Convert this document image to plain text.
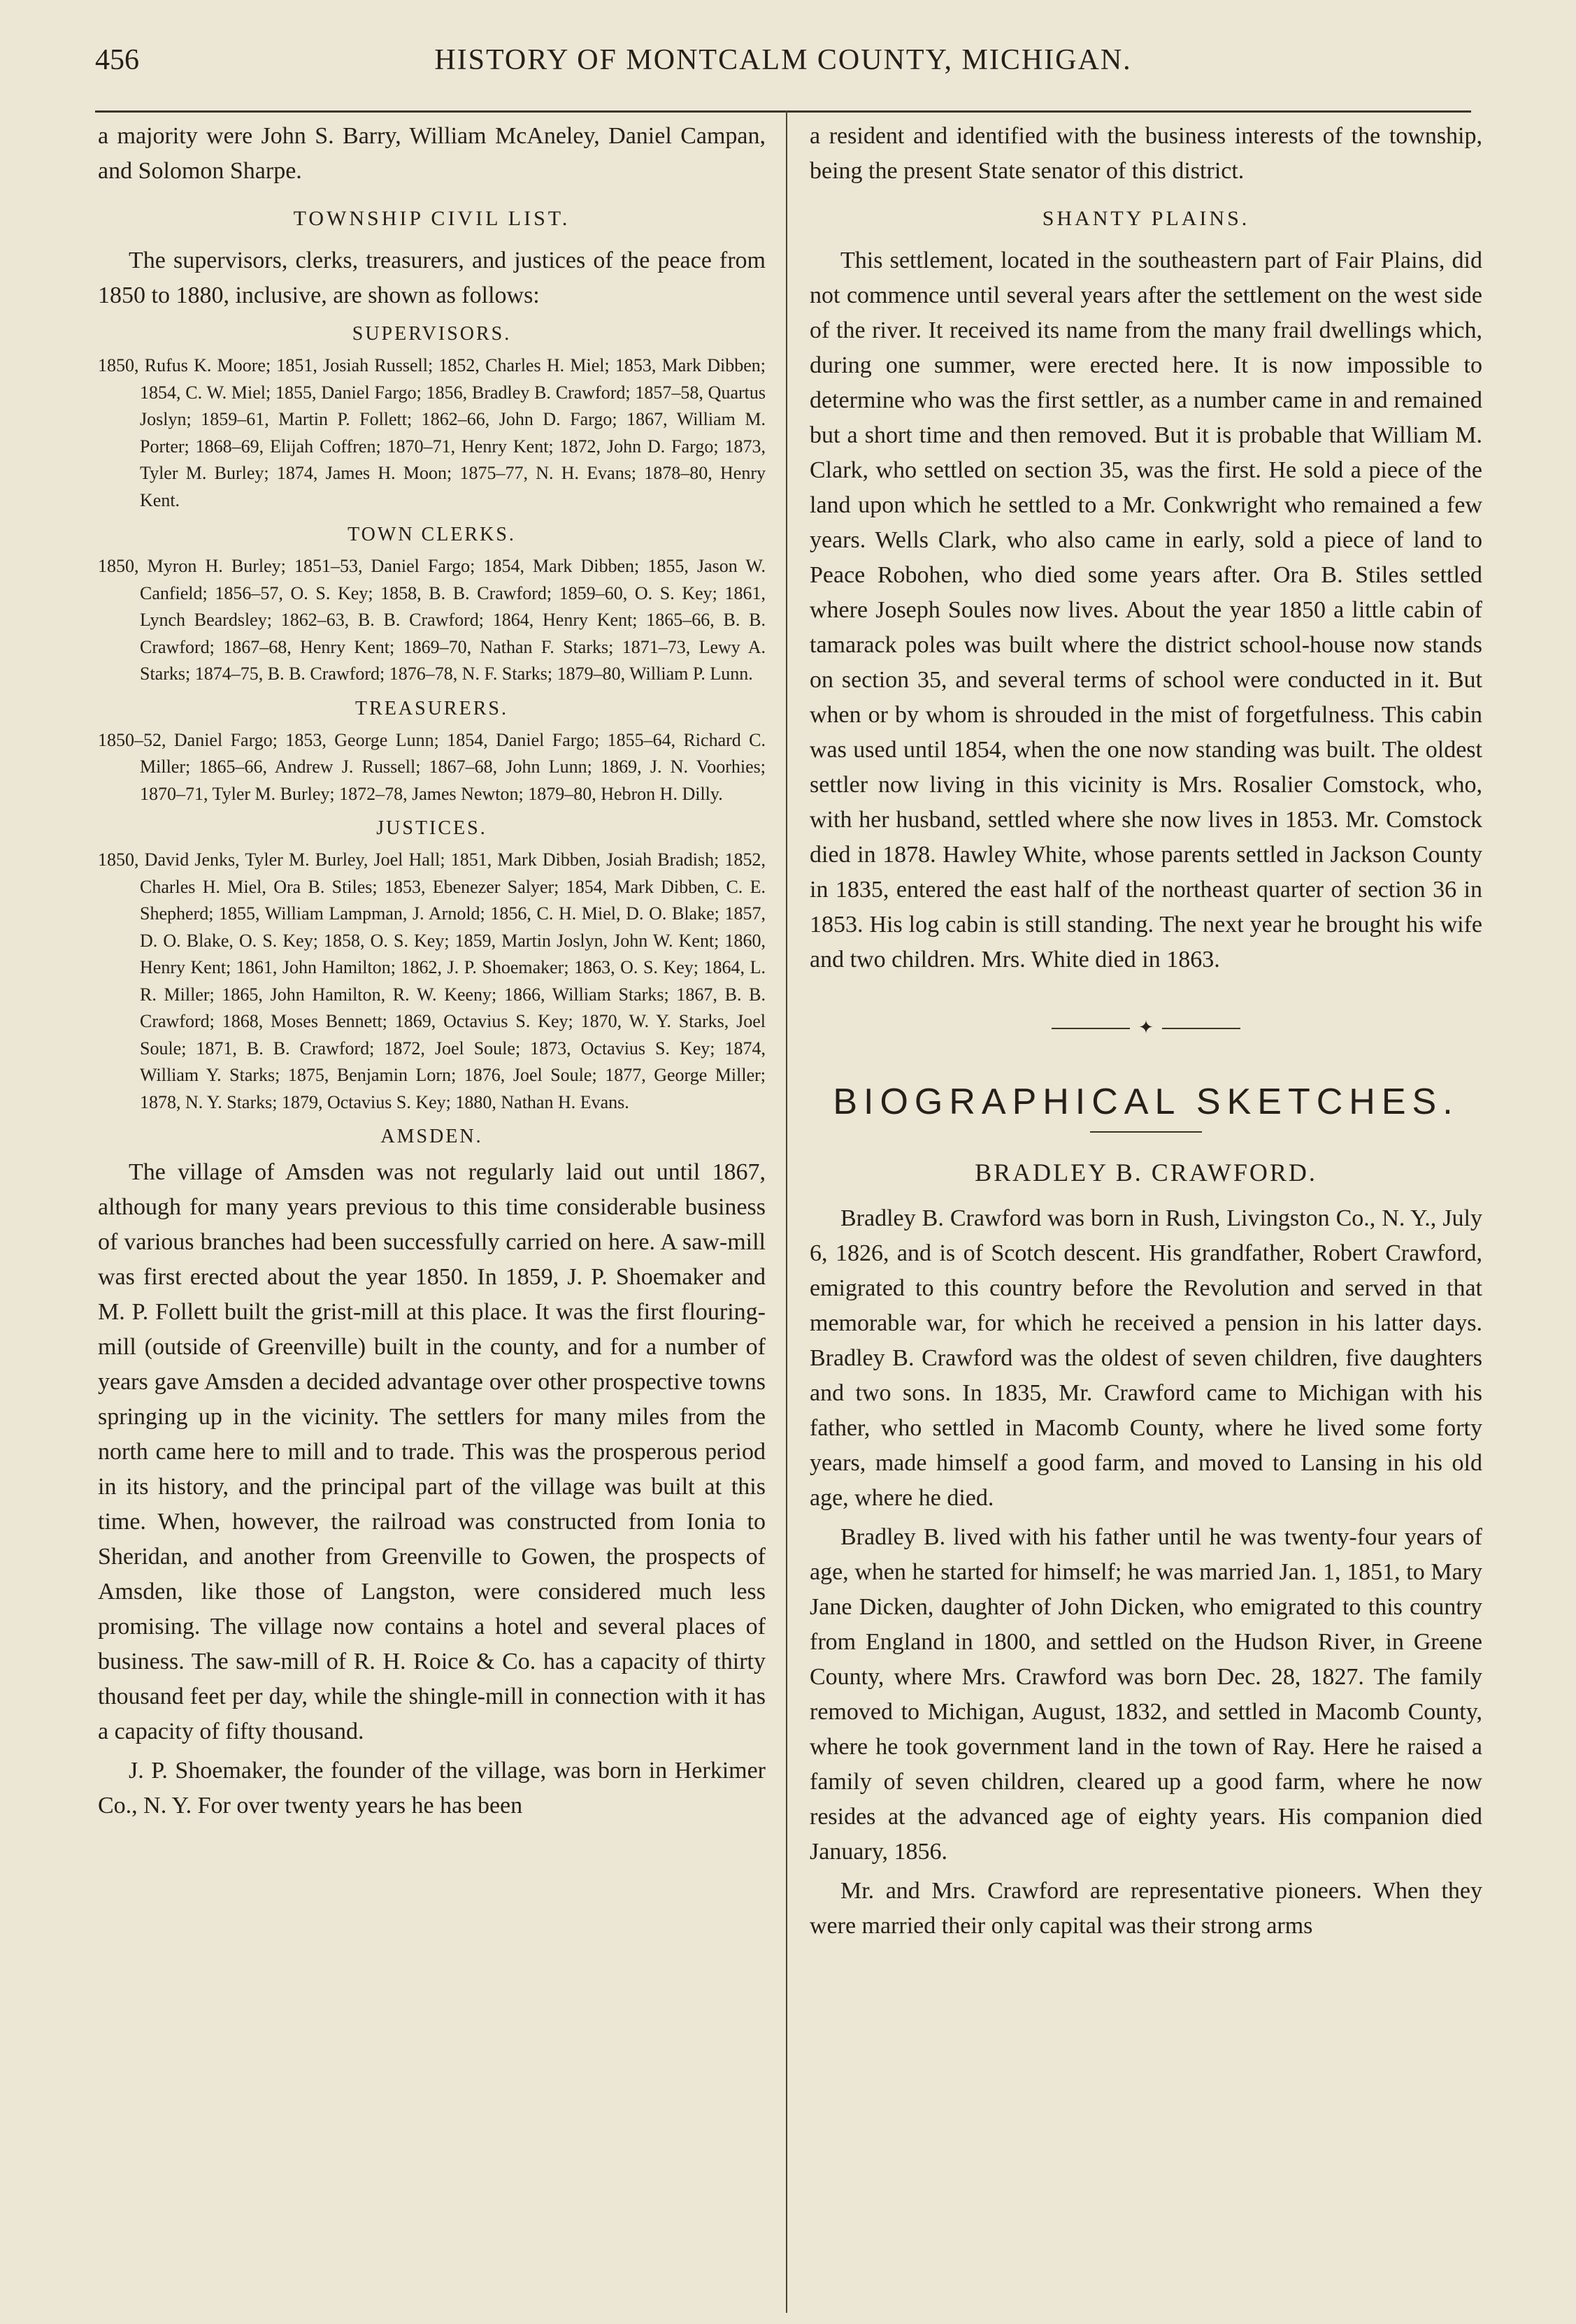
456	HISTORY OF MONTCALM COUNTY, MICHIGAN.

a majority were John S. Barry, William McAneley, Daniel Campan, and Solomon Sharpe.

TOWNSHIP CIVIL LIST.

The supervisors, clerks, treasurers, and justices of the peace from 1850 to 1880, inclusive, are shown as follows:

SUPERVISORS.

1850, Rufus K. Moore; 1851, Josiah Russell; 1852, Charles H. Miel; 1853, Mark Dibben; 1854, C. W. Miel; 1855, Daniel Fargo; 1856, Bradley B. Crawford; 1857–58, Quartus Joslyn; 1859–61, Martin P. Follett; 1862–66, John D. Fargo; 1867, William M. Porter; 1868–69, Elijah Coffren; 1870–71, Henry Kent; 1872, John D. Fargo; 1873, Tyler M. Burley; 1874, James H. Moon; 1875–77, N. H. Evans; 1878–80, Henry Kent.

TOWN CLERKS.

1850, Myron H. Burley; 1851–53, Daniel Fargo; 1854, Mark Dibben; 1855, Jason W. Canfield; 1856–57, O. S. Key; 1858, B. B. Crawford; 1859–60, O. S. Key; 1861, Lynch Beardsley; 1862–63, B. B. Crawford; 1864, Henry Kent; 1865–66, B. B. Crawford; 1867–68, Henry Kent; 1869–70, Nathan F. Starks; 1871–73, Lewy A. Starks; 1874–75, B. B. Crawford; 1876–78, N. F. Starks; 1879–80, William P. Lunn.

TREASURERS.

1850–52, Daniel Fargo; 1853, George Lunn; 1854, Daniel Fargo; 1855–64, Richard C. Miller; 1865–66, Andrew J. Russell; 1867–68, John Lunn; 1869, J. N. Voorhies; 1870–71, Tyler M. Burley; 1872–78, James Newton; 1879–80, Hebron H. Dilly.

JUSTICES.

1850, David Jenks, Tyler M. Burley, Joel Hall; 1851, Mark Dibben, Josiah Bradish; 1852, Charles H. Miel, Ora B. Stiles; 1853, Ebenezer Salyer; 1854, Mark Dibben, C. E. Shepherd; 1855, William Lampman, J. Arnold; 1856, C. H. Miel, D. O. Blake; 1857, D. O. Blake, O. S. Key; 1858, O. S. Key; 1859, Martin Joslyn, John W. Kent; 1860, Henry Kent; 1861, John Hamilton; 1862, J. P. Shoemaker; 1863, O. S. Key; 1864, L. R. Miller; 1865, John Hamilton, R. W. Keeny; 1866, William Starks; 1867, B. B. Crawford; 1868, Moses Bennett; 1869, Octavius S. Key; 1870, W. Y. Starks, Joel Soule; 1871, B. B. Crawford; 1872, Joel Soule; 1873, Octavius S. Key; 1874, William Y. Starks; 1875, Benjamin Lorn; 1876, Joel Soule; 1877, George Miller; 1878, N. Y. Starks; 1879, Octavius S. Key; 1880, Nathan H. Evans.

AMSDEN.

The village of Amsden was not regularly laid out until 1867, although for many years previous to this time considerable business of various branches had been successfully carried on here. A saw-mill was first erected about the year 1850. In 1859, J. P. Shoemaker and M. P. Follett built the grist-mill at this place. It was the first flouring-mill (outside of Greenville) built in the county, and for a number of years gave Amsden a decided advantage over other prospective towns springing up in the vicinity. The settlers for many miles from the north came here to mill and to trade. This was the prosperous period in its history, and the principal part of the village was built at this time. When, however, the railroad was constructed from Ionia to Sheridan, and another from Greenville to Gowen, the prospects of Amsden, like those of Langston, were considered much less promising. The village now contains a hotel and several places of business. The saw-mill of R. H. Roice & Co. has a capacity of thirty thousand feet per day, while the shingle-mill in connection with it has a capacity of fifty thousand.

J. P. Shoemaker, the founder of the village, was born in Herkimer Co., N. Y. For over twenty years he has been

a resident and identified with the business interests of the township, being the present State senator of this district.

SHANTY PLAINS.

This settlement, located in the southeastern part of Fair Plains, did not commence until several years after the settlement on the west side of the river. It received its name from the many frail dwellings which, during one summer, were erected here. It is now impossible to determine who was the first settler, as a number came in and remained but a short time and then removed. But it is probable that William M. Clark, who settled on section 35, was the first. He sold a piece of the land upon which he settled to a Mr. Conkwright who remained a few years. Wells Clark, who also came in early, sold a piece of land to Peace Robohen, who died some years after. Ora B. Stiles settled where Joseph Soules now lives. About the year 1850 a little cabin of tamarack poles was built where the district school-house now stands on section 35, and several terms of school were conducted in it. But when or by whom is shrouded in the mist of forgetfulness. This cabin was used until 1854, when the one now standing was built. The oldest settler now living in this vicinity is Mrs. Rosalier Comstock, who, with her husband, settled where she now lives in 1853. Mr. Comstock died in 1878. Hawley White, whose parents settled in Jackson County in 1835, entered the east half of the northeast quarter of section 36 in 1853. His log cabin is still standing. The next year he brought his wife and two children. Mrs. White died in 1863.

✦
BIOGRAPHICAL SKETCHES.
BRADLEY B. CRAWFORD.

Bradley B. Crawford was born in Rush, Livingston Co., N. Y., July 6, 1826, and is of Scotch descent. His grandfather, Robert Crawford, emigrated to this country before the Revolution and served in that memorable war, for which he received a pension in his latter days. Bradley B. Crawford was the oldest of seven children, five daughters and two sons. In 1835, Mr. Crawford came to Michigan with his father, who settled in Macomb County, where he lived some forty years, made himself a good farm, and moved to Lansing in his old age, where he died.

Bradley B. lived with his father until he was twenty-four years of age, when he started for himself; he was married Jan. 1, 1851, to Mary Jane Dicken, daughter of John Dicken, who emigrated to this country from England in 1800, and settled on the Hudson River, in Greene County, where Mrs. Crawford was born Dec. 28, 1827. The family removed to Michigan, August, 1832, and settled in Macomb County, where he took government land in the town of Ray. Here he raised a family of seven children, cleared up a good farm, where he now resides at the advanced age of eighty years. His companion died January, 1856.

Mr. and Mrs. Crawford are representative pioneers. When they were married their only capital was their strong arms
